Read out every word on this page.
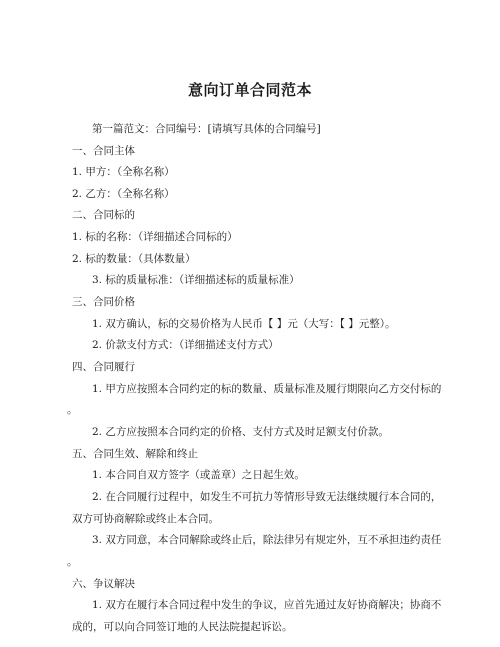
意向订单合同范本
第一篇范文：合同编号：[请填写具体的合同编号]
一、合同主体
1. 甲方：（全称名称）
2. 乙方：（全称名称）
二、合同标的
1. 标的名称：（详细描述合同标的）
2. 标的数量：（具体数量）
3. 标的质量标准：（详细描述标的质量标准）
三、合同价格
1. 双方确认，标的交易价格为人民币【 】元（大写：【 】元整）。
2. 价款支付方式：（详细描述支付方式）
四、合同履行
1. 甲方应按照本合同约定的标的数量、质量标准及履行期限向乙方交付标的
。
2. 乙方应按照本合同约定的价格、支付方式及时足额支付价款。
五、合同生效、解除和终止
1. 本合同自双方签字（或盖章）之日起生效。
2. 在合同履行过程中，如发生不可抗力等情形导致无法继续履行本合同的，
双方可协商解除或终止本合同。
3. 双方同意，本合同解除或终止后，除法律另有规定外，互不承担违约责任
。
六、争议解决
1. 双方在履行本合同过程中发生的争议，应首先通过友好协商解决；协商不
成的，可以向合同签订地的人民法院提起诉讼。
